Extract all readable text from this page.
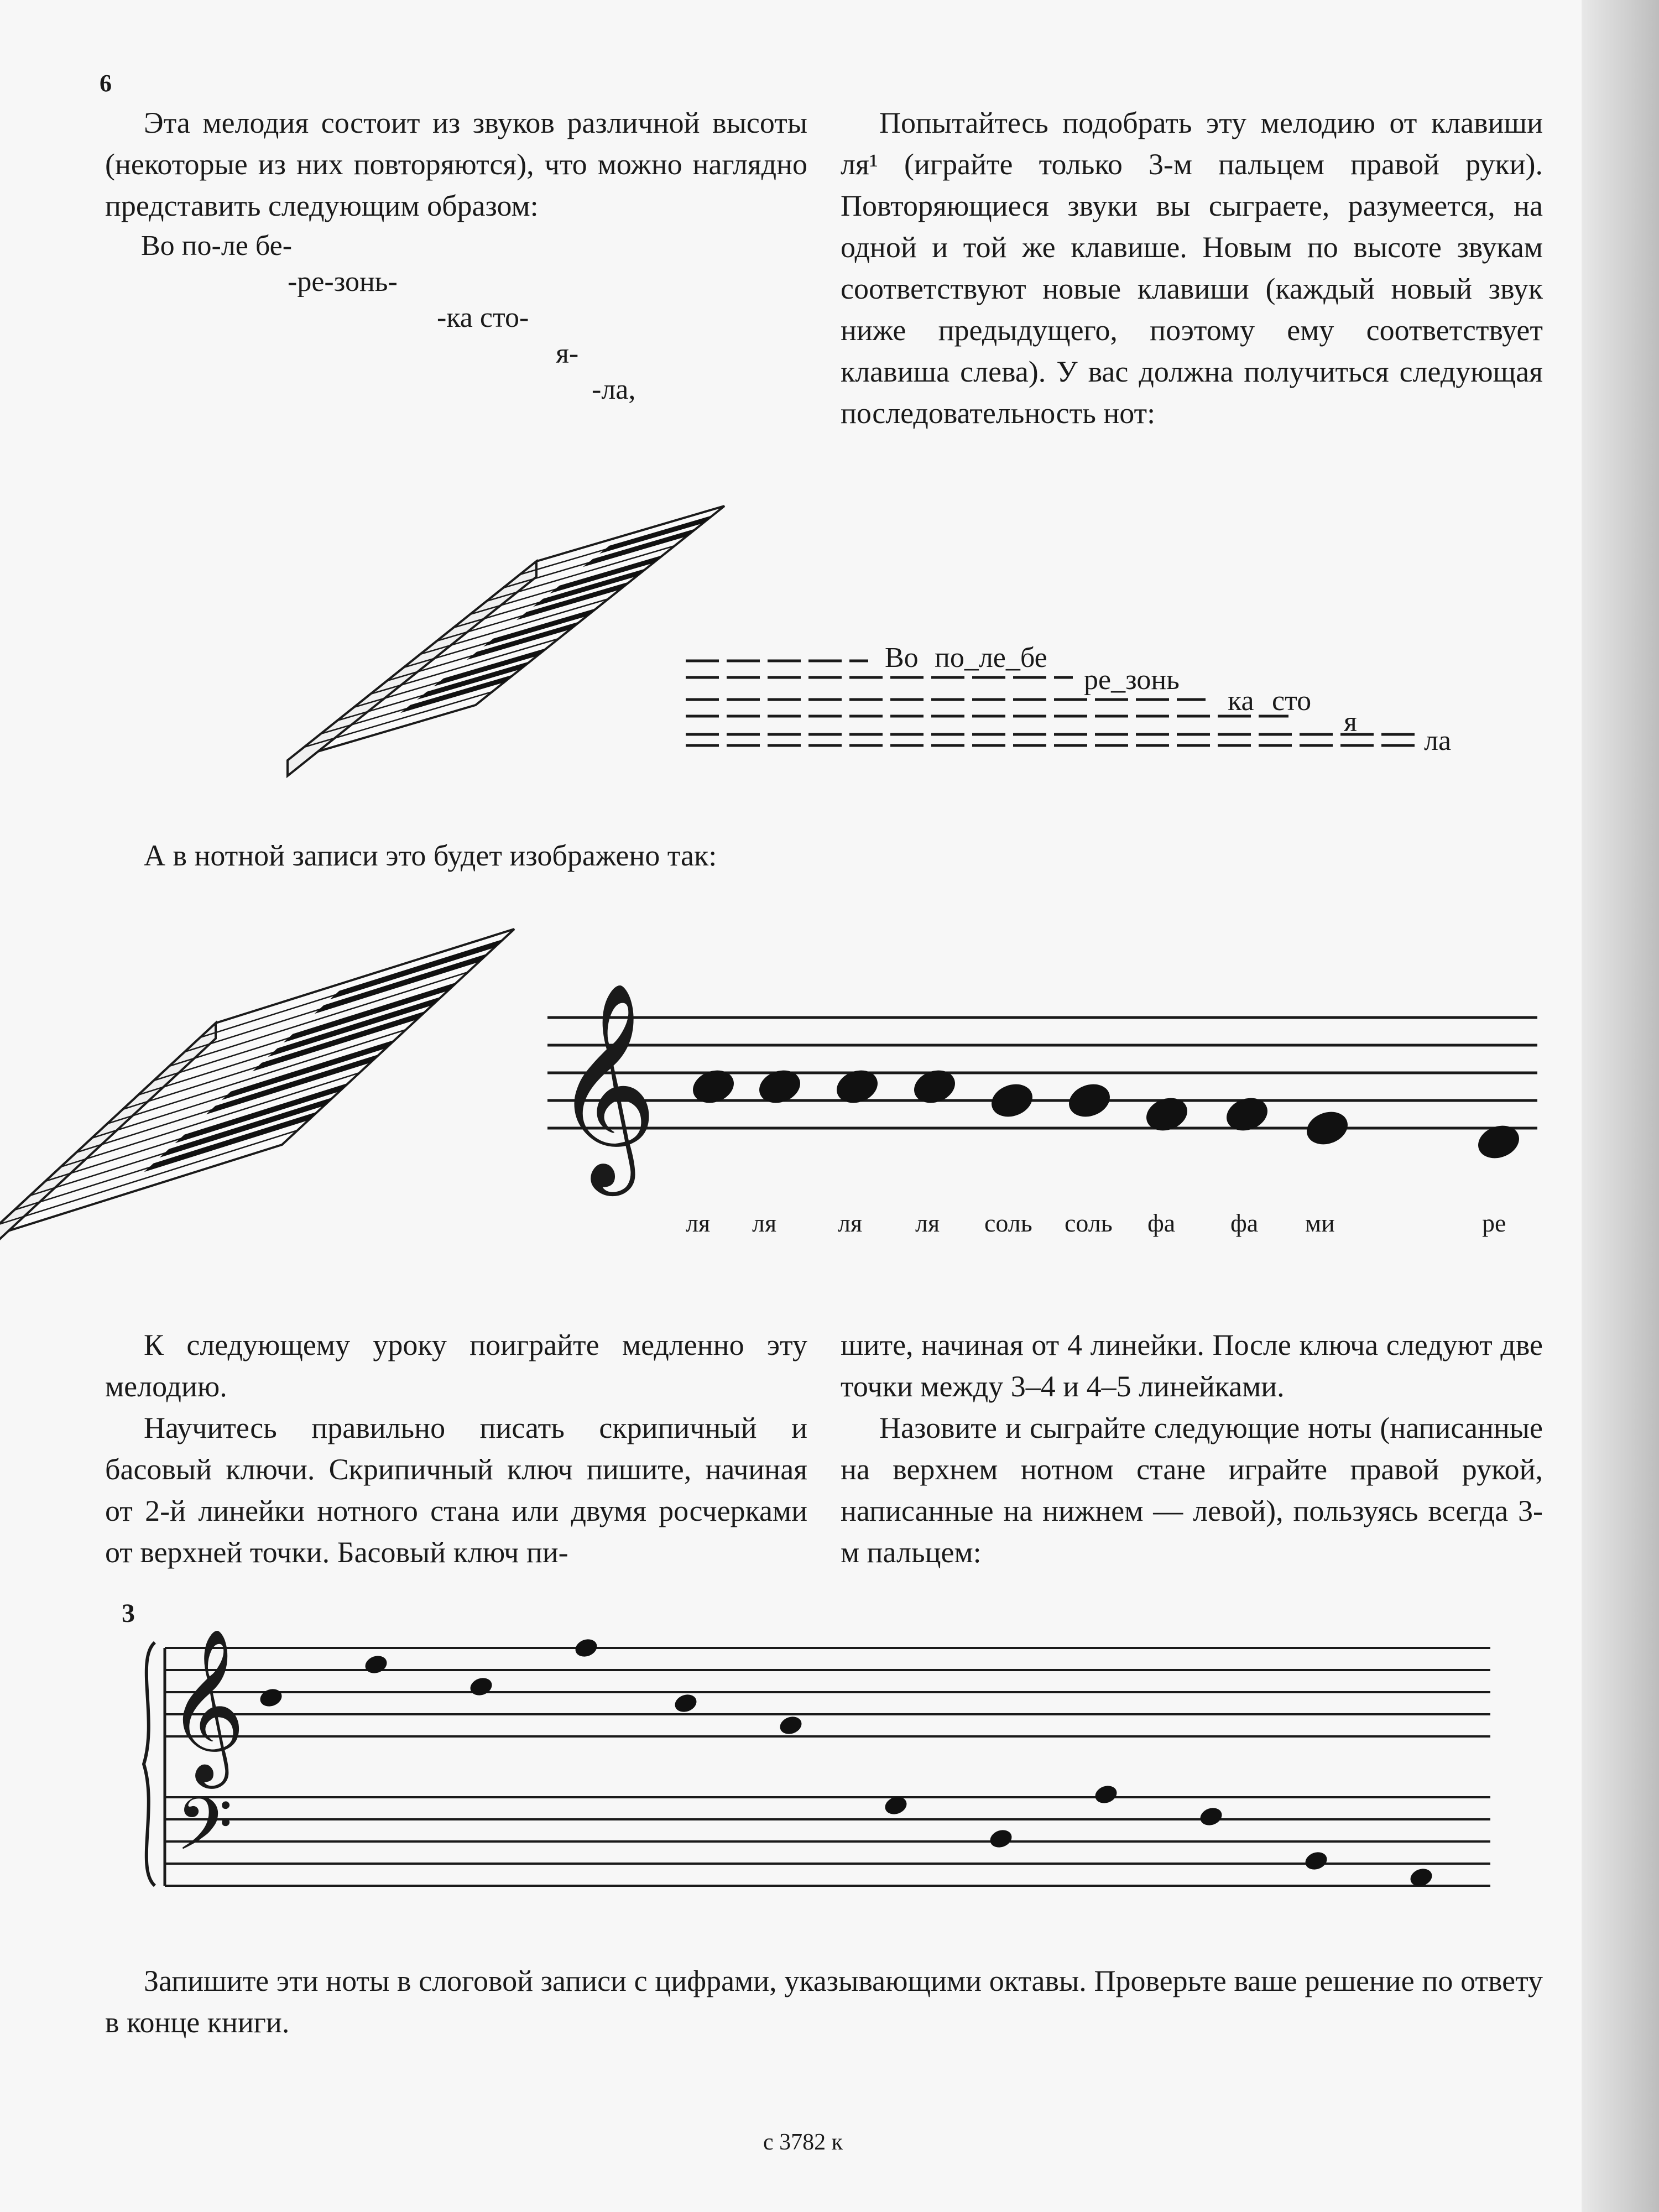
6

Эта мелодия состоит из звуков различной высоты (некоторые из них повторяются), что можно наглядно представить следующим образом:

Во по-ле бе-
-ре-зонь-
-ка сто-
я-
-ла,

Попытайтесь подобрать эту мелодию от клавиши ля¹ (играйте только 3-м пальцем правой руки). Повторяющиеся звуки вы сыграете, разумеется, на одной и той же клавише. Новым по высоте звукам соответствуют новые клавиши (каждый новый звук ниже предыдущего, поэтому ему соответствует клавиша слева). У вас должна получиться следующая последовательность нот:

Во по_ле_бе
ре_зонь
ка сто
я
ла
А в нотной записи это будет изображено так:
𝄞
ля ля ля ля соль соль фа фа ми	ре

К следующему уроку поиграйте медленно эту мелодию.

Научитесь правильно писать скрипичный и басовый ключи. Скрипичный ключ пишите, начиная от 2-й линейки нотного стана или двумя росчерками от верхней точки. Басовый ключ пи-

шите, начиная от 4 линейки. После ключа следуют две точки между 3–4 и 4–5 линейками.

Назовите и сыграйте следующие ноты (написанные на верхнем нотном стане играйте правой рукой, написанные на нижнем — левой), пользуясь всегда 3-м пальцем:

3
𝄞
𝄢

Запишите эти ноты в слоговой записи с цифрами, указывающими октавы. Проверьте ваше решение по ответу в конце книги.

с 3782 к
